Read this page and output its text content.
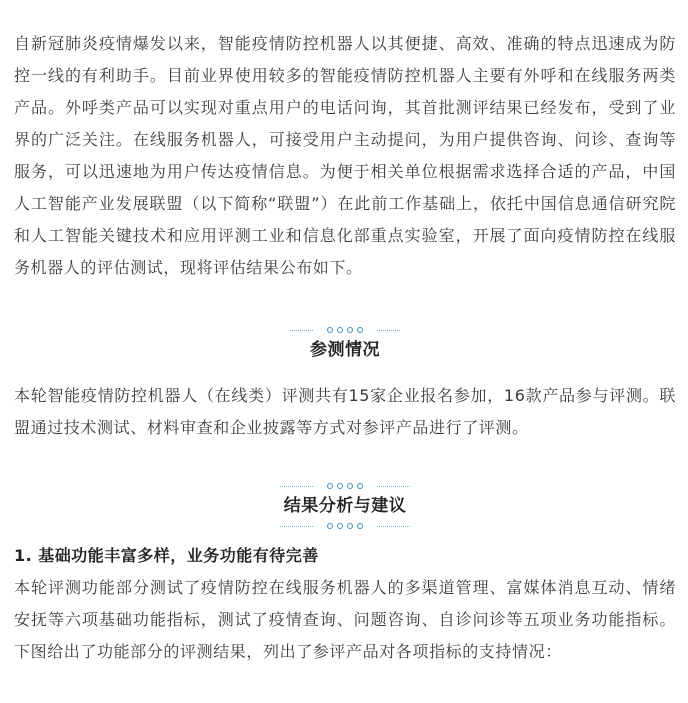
自新冠肺炎疫情爆发以来，智能疫情防控机器人以其便捷、高效、准确的特点迅速成为防控一线的有利助手。目前业界使用较多的智能疫情防控机器人主要有外呼和在线服务两类产品。外呼类产品可以实现对重点用户的电话问询，其首批测评结果已经发布，受到了业界的广泛关注。在线服务机器人，可接受用户主动提问，为用户提供咨询、问诊、查询等服务，可以迅速地为用户传达疫情信息。为便于相关单位根据需求选择合适的产品，中国人工智能产业发展联盟（以下简称“联盟”）在此前工作基础上，依托中国信息通信研究院和人工智能关键技术和应用评测工业和信息化部重点实验室，开展了面向疫情防控在线服务机器人的评估测试，现将评估结果公布如下。

参测情况

本轮智能疫情防控机器人（在线类）评测共有15家企业报名参加，16款产品参与评测。联盟通过技术测试、材料审查和企业披露等方式对参评产品进行了评测。

结果分析与建议

1. 基础功能丰富多样，业务功能有待完善

本轮评测功能部分测试了疫情防控在线服务机器人的多渠道管理、富媒体消息互动、情绪安抚等六项基础功能指标，测试了疫情查询、问题咨询、自诊问诊等五项业务功能指标。下图给出了功能部分的评测结果，列出了参评产品对各项指标的支持情况：
